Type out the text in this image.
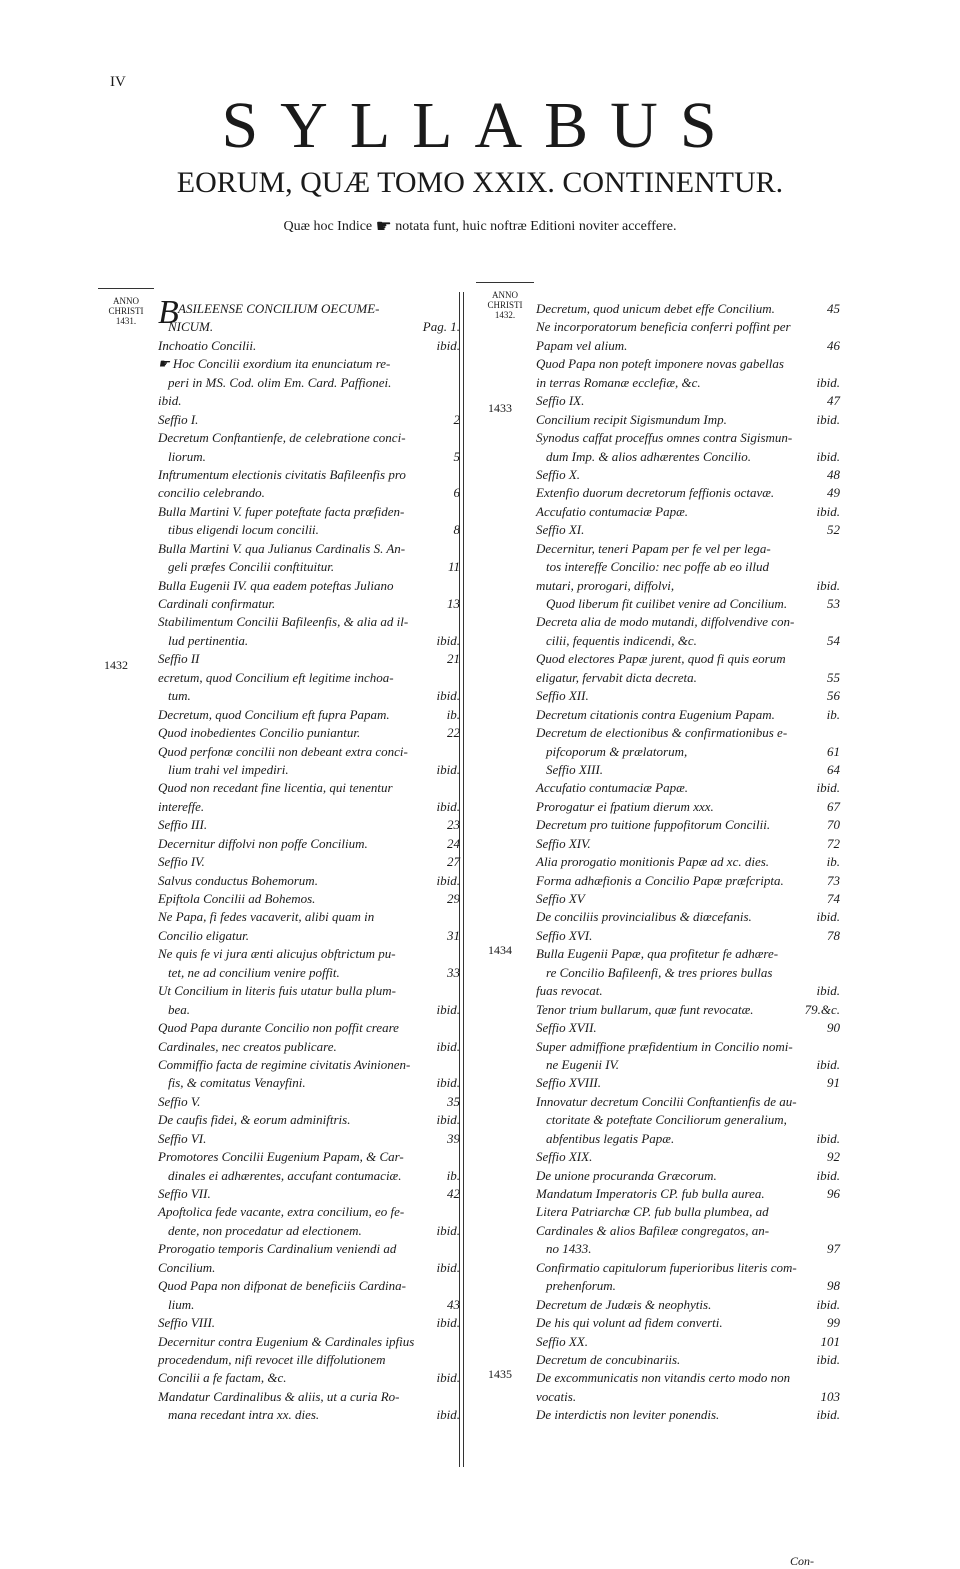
IV
SYLLABUS
EORUM, QUÆ TOMO XXIX. CONTINENTUR.
Quæ hoc Indice ☛ notata funt, huic noftræ Editioni noviter acceffere.
ANNO
CHRISTI
1431.
ANNO
CHRISTI
1432.
1432
1433
1434
1435
ASILEENSE CONCILIUM OECUME-
B
NICUM.	Pag. 1.
Inchoatio Concilii.	ibid.
☛ Hoc Concilii exordium ita enunciatum re-
peri in MS. Cod. olim Em. Card. Paffionei.
ibid.
Seffio I.	2
Decretum Conftantienfe, de celebratione conci-
liorum.	5
Inftrumentum electionis civitatis Bafileenfis pro
concilio celebrando.	6
Bulla Martini V. fuper poteftate facta præfiden-
tibus eligendi locum concilii.	8
Bulla Martini V. qua Julianus Cardinalis S. An-
geli præfes Concilii conftituitur.	11
Bulla Eugenii IV. qua eadem poteftas Juliano
Cardinali confirmatur.	13
Stabilimentum Concilii Bafileenfis, & alia ad il-
lud pertinentia.	ibid.
Seffio II	21
ecretum, quod Concilium eft legitime inchoa-
tum.	ibid.
Decretum, quod Concilium eft fupra Papam.	ib.
Quod inobedientes Concilio puniantur.	22
Quod perfonæ concilii non debeant extra conci-
lium trahi vel impediri.	ibid.
Quod non recedant fine licentia, qui tenentur
intereffe.	ibid.
Seffio III.	23
Decernitur diffolvi non poffe Concilium.	24
Seffio IV.	27
Salvus conductus Bohemorum.	ibid.
Epiftola Concilii ad Bohemos.	29
Ne Papa, fi fedes vacaverit, alibi quam in
Concilio eligatur.	31
Ne quis fe vi jura ænti alicujus obftrictum pu-
tet, ne ad concilium venire poffit.	33
Ut Concilium in literis fuis utatur bulla plum-
bea.	ibid.
Quod Papa durante Concilio non poffit creare
Cardinales, nec creatos publicare.	ibid.
Commiffio facta de regimine civitatis Avinionen-
fis, & comitatus Venayfini.	ibid.
Seffio V.	35
De caufis fidei, & eorum adminiftris.	ibid.
Seffio VI.	39
Promotores Concilii Eugenium Papam, & Car-
dinales ei adhærentes, accufant contumaciæ.	ib.
Seffio VII.	42
Apoftolica fede vacante, extra concilium, eo fe-
dente, non procedatur ad electionem.	ibid.
Prorogatio temporis Cardinalium veniendi ad
Concilium.	ibid.
Quod Papa non difponat de beneficiis Cardina-
lium.	43
Seffio VIII.	ibid.
Decernitur contra Eugenium & Cardinales ipfius
procedendum, nifi revocet ille diffolutionem
Concilii a fe factam, &c.	ibid.
Mandatur Cardinalibus & aliis, ut a curia Ro-
mana recedant intra xx. dies.	ibid.
Decretum, quod unicum debet effe Concilium.	45
Ne incorporatorum beneficia conferri poffint per
Papam vel alium.	46
Quod Papa non poteft imponere novas gabellas
in terras Romanæ ecclefiæ, &c.	ibid.
Seffio IX.	47
Concilium recipit Sigismundum Imp.	ibid.
Synodus caffat proceffus omnes contra Sigismun-
dum Imp. & alios adhærentes Concilio.	ibid.
Seffio X.	48
Extenfio duorum decretorum feffionis octavæ.	49
Accufatio contumaciæ Papæ.	ibid.
Seffio XI.	52
Decernitur, teneri Papam per fe vel per lega-
tos intereffe Concilio: nec poffe ab eo illud
mutari, prorogari, diffolvi,	ibid.
Quod liberum fit cuilibet venire ad Concilium.	53
Decreta alia de modo mutandi, diffolvendive con-
cilii, fequentis indicendi, &c.	54
Quod electores Papæ jurent, quod fi quis eorum
eligatur, fervabit dicta decreta.	55
Seffio XII.	56
Decretum citationis contra Eugenium Papam.	ib.
Decretum de electionibus & confirmationibus e-
pifcoporum & prælatorum,	61
Seffio XIII.	64
Accufatio contumaciæ Papæ.	ibid.
Prorogatur ei fpatium dierum xxx.	67
Decretum pro tuitione fuppofitorum Concilii.	70
Seffio XIV.	72
Alia prorogatio monitionis Papæ ad xc. dies.	ib.
Forma adhæfionis a Concilio Papæ præfcripta.	73
Seffio XV	74
De conciliis provincialibus & diœcefanis.	ibid.
Seffio XVI.	78
Bulla Eugenii Papæ, qua profitetur fe adhære-
re Concilio Bafileenfi, & tres priores bullas
fuas revocat.	ibid.
Tenor trium bullarum, quæ funt revocatæ.	79.&c.
Seffio XVII.	90
Super admiffione præfidentium in Concilio nomi-
ne Eugenii IV.	ibid.
Seffio XVIII.	91
Innovatur decretum Concilii Conftantienfis de au-
ctoritate & poteftate Conciliorum generalium,
abfentibus legatis Papæ.	ibid.
Seffio XIX.	92
De unione procuranda Græcorum.	ibid.
Mandatum Imperatoris CP. fub bulla aurea.	96
Litera Patriarchæ CP. fub bulla plumbea, ad
Cardinales & alios Bafileæ congregatos, an-
no 1433.	97
Confirmatio capitulorum fuperioribus literis com-
prehenforum.	98
Decretum de Judæis & neophytis.	ibid.
De his qui volunt ad fidem converti.	99
Seffio XX.	101
Decretum de concubinariis.	ibid.
De excommunicatis non vitandis certo modo non
vocatis.	103
De interdictis non leviter ponendis.	ibid.
Con-
